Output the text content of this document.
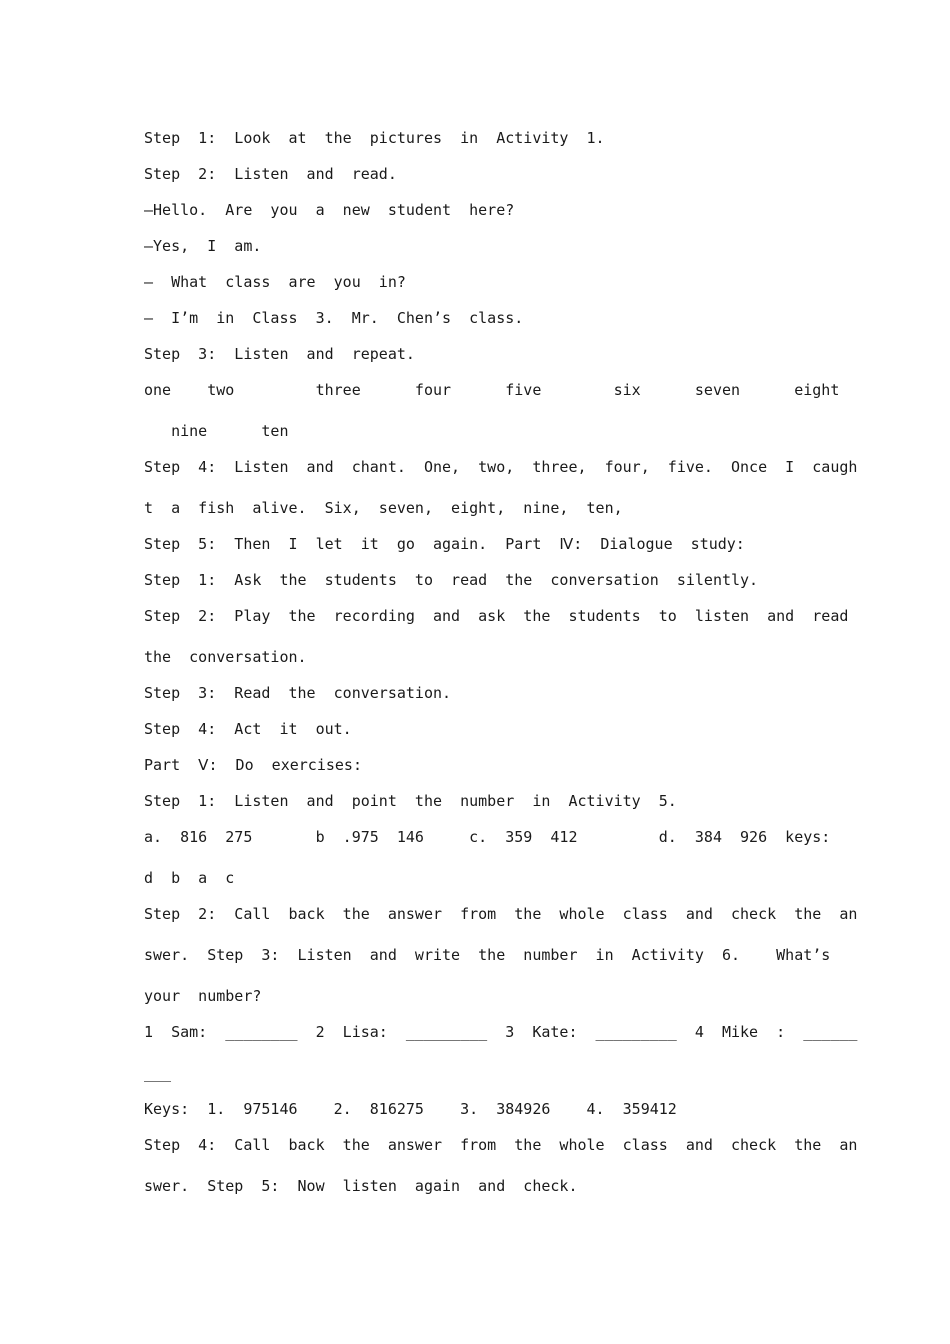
Step  1:  Look  at  the  pictures  in  Activity  1.
Step  2:  Listen  and  read.
—Hello.  Are  you  a  new  student  here?
—Yes,  I  am.
—  What  class  are  you  in?
—  I’m  in  Class  3.  Mr.  Chen’s  class.
Step  3:  Listen  and  repeat.
one    two         three      four      five        six      seven      eight
nine      ten
Step  4:  Listen  and  chant.  One,  two,  three,  four,  five.  Once  I  caugh
t  a  fish  alive.  Six,  seven,  eight,  nine,  ten,
Step  5:  Then  I  let  it  go  again.  Part  Ⅳ:  Dialogue  study:
Step  1:  Ask  the  students  to  read  the  conversation  silently.
Step  2:  Play  the  recording  and  ask  the  students  to  listen  and  read
the  conversation.
Step  3:  Read  the  conversation.
Step  4:  Act  it  out.
Part  Ⅴ:  Do  exercises:
Step  1:  Listen  and  point  the  number  in  Activity  5.
a.  816  275       b  .975  146     c.  359  412         d.  384  926  keys:
d  b  a  c
Step  2:  Call  back  the  answer  from  the  whole  class  and  check  the  an
swer.  Step  3:  Listen  and  write  the  number  in  Activity  6.    What’s
your  number?
1  Sam:  ________  2  Lisa:  _________  3  Kate:  _________  4  Mike  :  ______
___
Keys:  1.  975146    2.  816275    3.  384926    4.  359412
Step  4:  Call  back  the  answer  from  the  whole  class  and  check  the  an
swer.  Step  5:  Now  listen  again  and  check.
